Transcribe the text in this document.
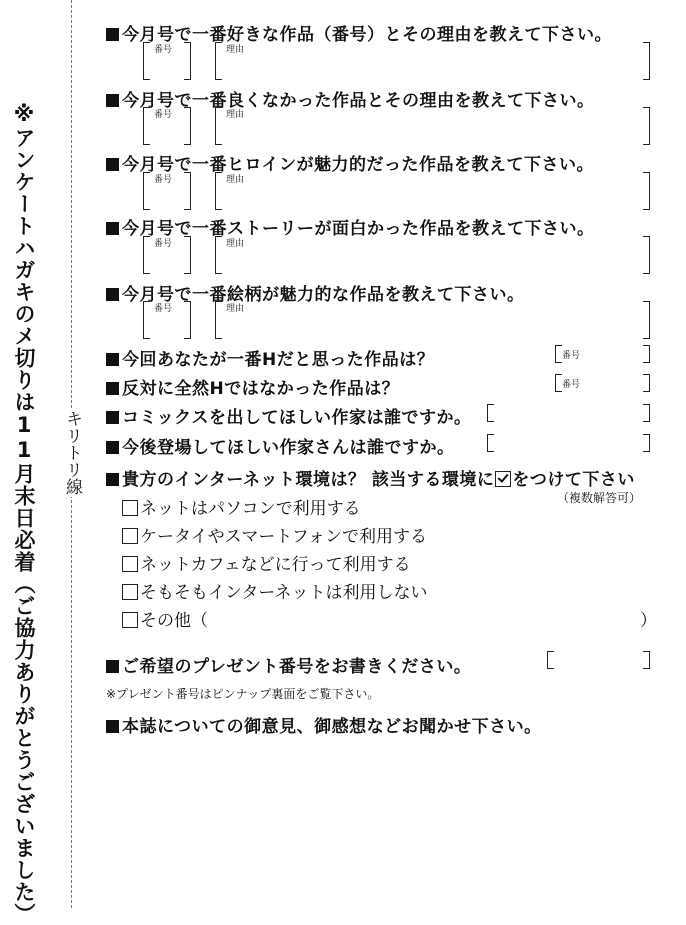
※アンケートハガキのメ切りは11月末日必着（ご協力ありがとうございました） キリトリ線
今月号で一番好きな作品（番号）とその理由を教えて下さい。
番号	理由
今月号で一番良くなかった作品とその理由を教えて下さい。
番号	理由
今月号で一番ヒロインが魅力的だった作品を教えて下さい。
番号	理由
今月号で一番ストーリーが面白かった作品を教えて下さい。
番号	理由
今月号で一番絵柄が魅力的な作品を教えて下さい。
番号	理由
今回あなたが一番Hだと思った作品は？	番号
反対に全然Hではなかった作品は？	番号
コミックスを出してほしい作家は誰ですか。
今後登場してほしい作家さんは誰ですか。
貴方のインターネット環境は？ 該当する環境に をつけて下さい
（複数解答可）
ネットはパソコンで利用する
ケータイやスマートフォンで利用する
ネットカフェなどに行って利用する
そもそもインターネットは利用しない
その他（	）
ご希望のプレゼント番号をお書きください。
※プレゼント番号はピンナップ裏面をご覧下さい。
本誌についての御意見、御感想などお聞かせ下さい。
